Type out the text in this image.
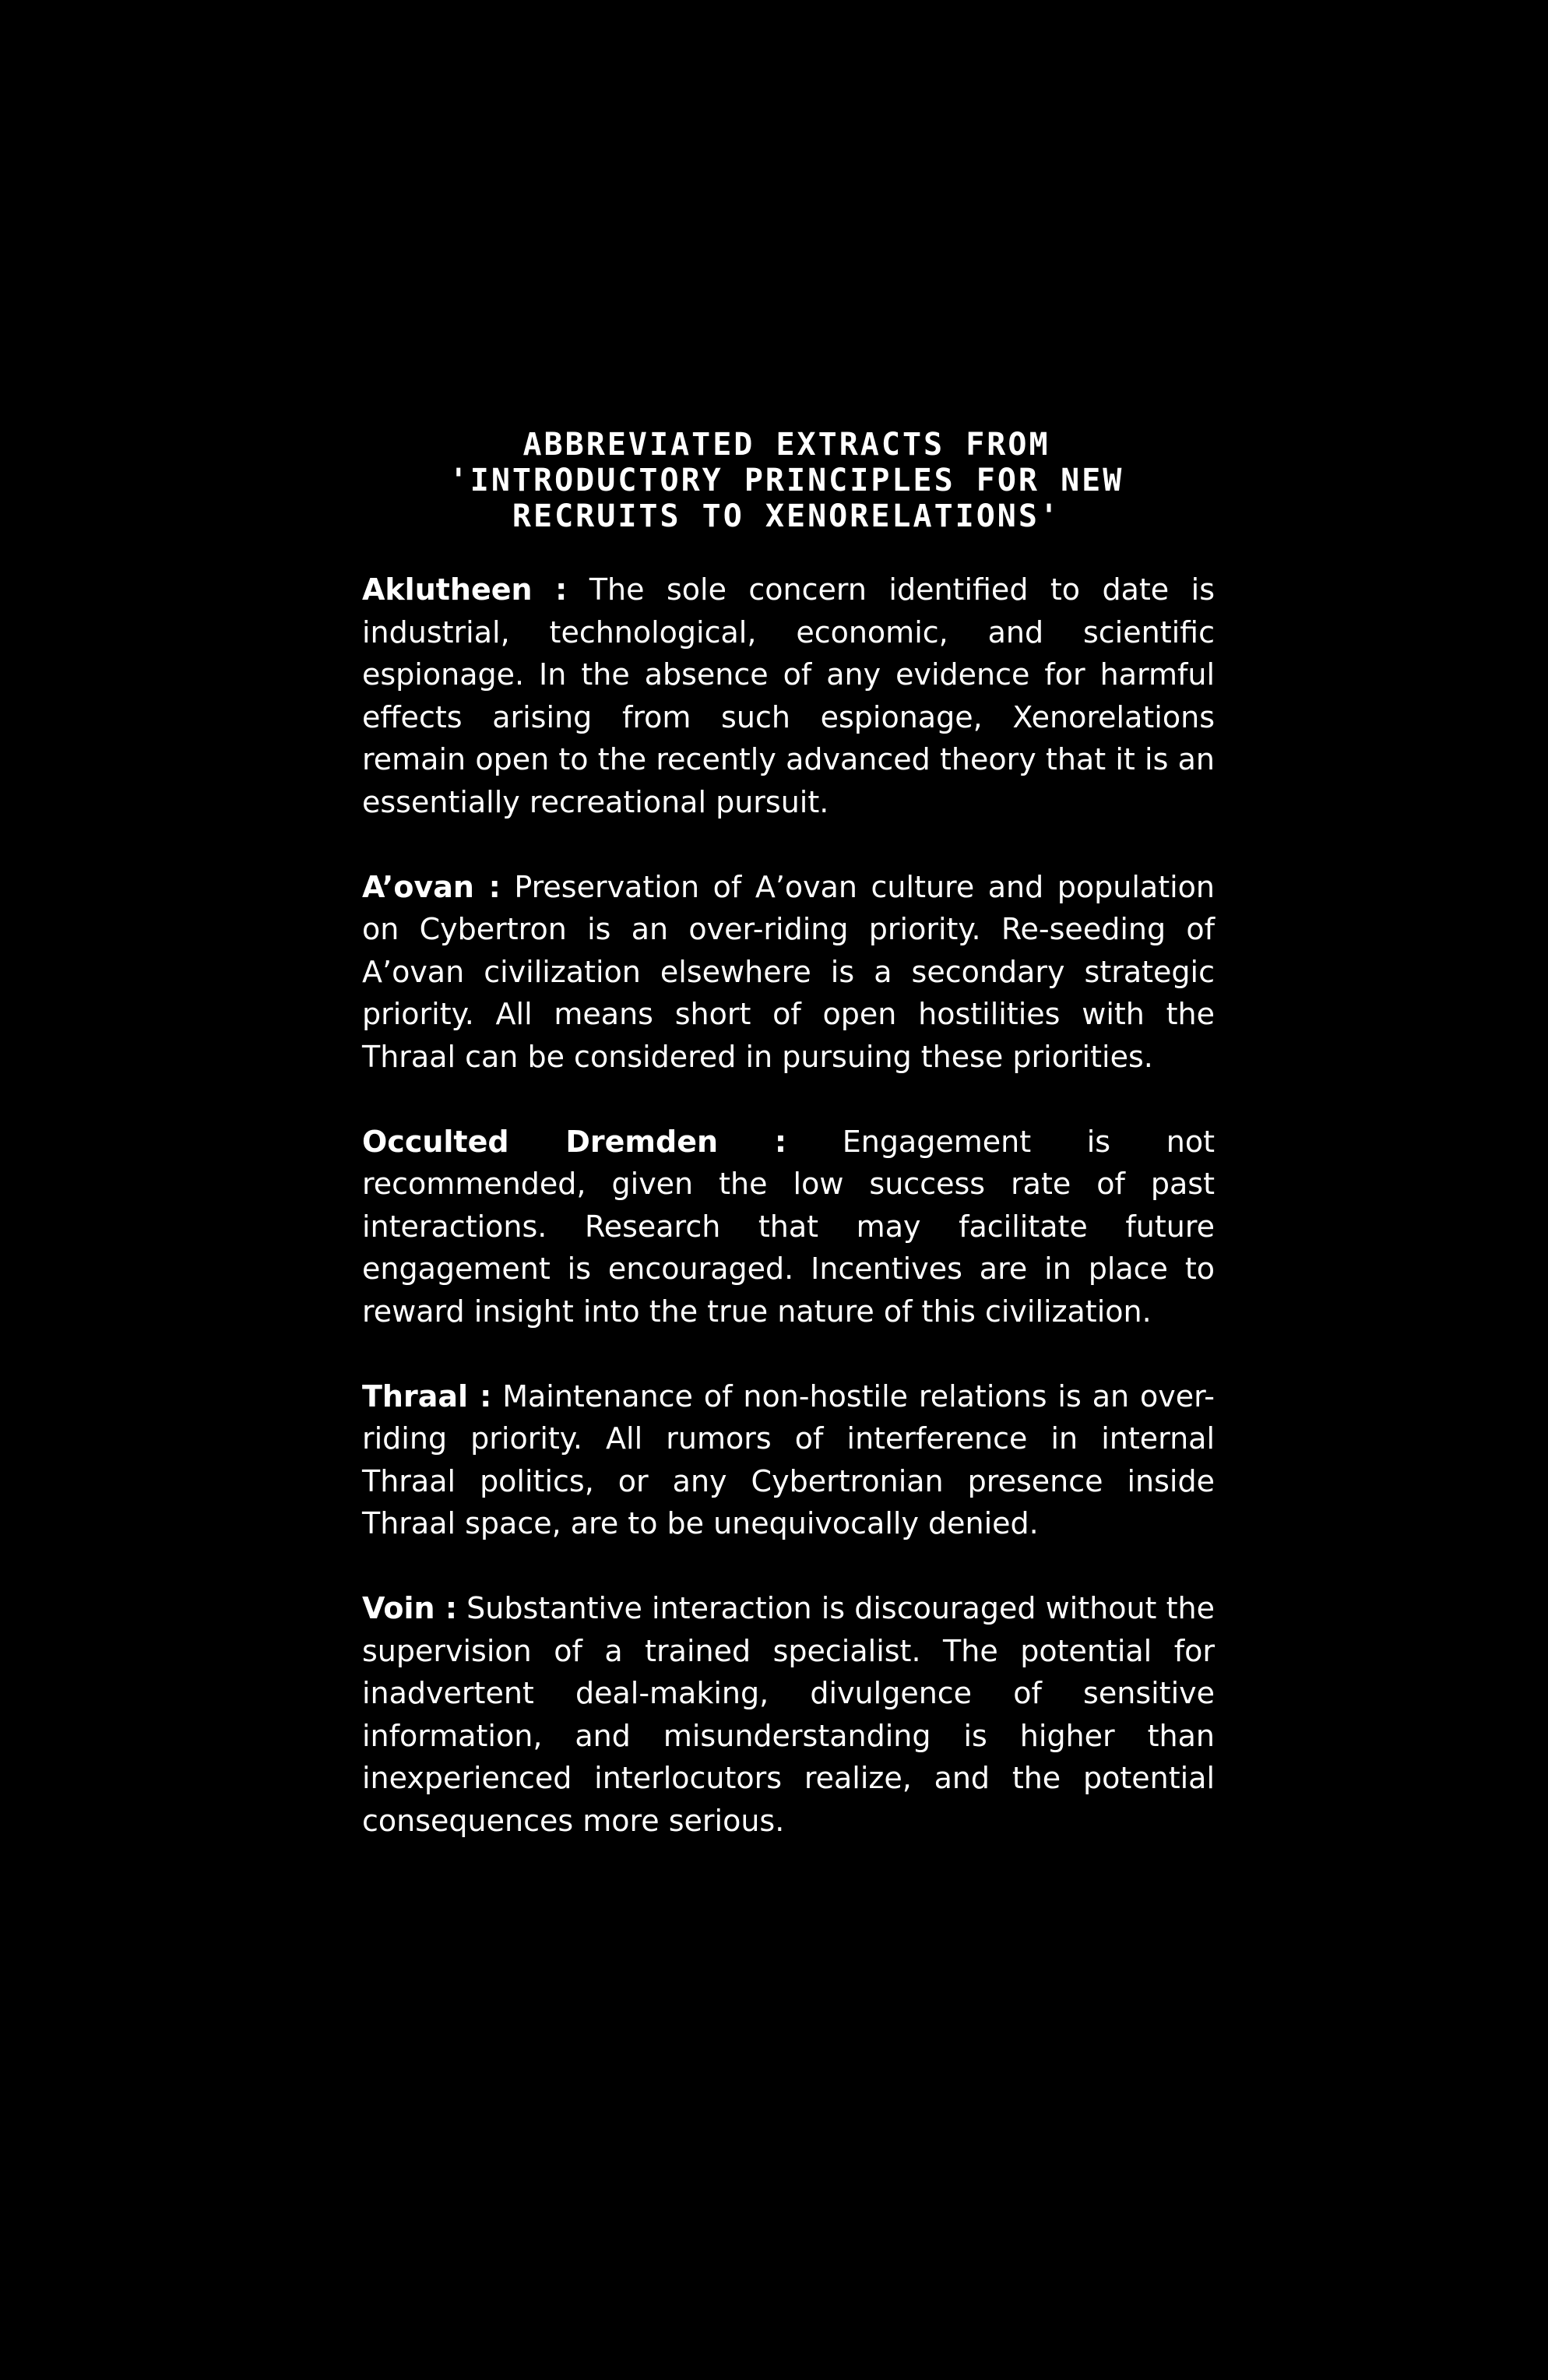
ABBREVIATED EXTRACTS FROM
'INTRODUCTORY PRINCIPLES FOR NEW
RECRUITS TO XENORELATIONS'

Aklutheen : The sole concern identified to date is industrial, technological, economic, and scientific espionage. In the absence of any evidence for harmful effects arising from such espionage, Xenorelations remain open to the recently advanced theory that it is an essentially recreational pursuit.

A’ovan : Preservation of A’ovan culture and population on Cybertron is an over-riding priority. Re-seeding of A’ovan civilization elsewhere is a secondary strategic priority. All means short of open hostilities with the Thraal can be considered in pursuing these priorities.

Occulted Dremden : Engagement is not recommended, given the low success rate of past interactions. Research that may facilitate future engagement is encouraged. Incentives are in place to reward insight into the true nature of this civilization.

Thraal : Maintenance of non-hostile relations is an over-riding priority. All rumors of interference in internal Thraal politics, or any Cybertronian presence inside Thraal space, are to be unequivocally denied.

Voin : Substantive interaction is discouraged without the supervision of a trained specialist. The potential for inadvertent deal-making, divulgence of sensitive information, and misunderstanding is higher than inexperienced interlocutors realize, and the potential consequences more serious.
